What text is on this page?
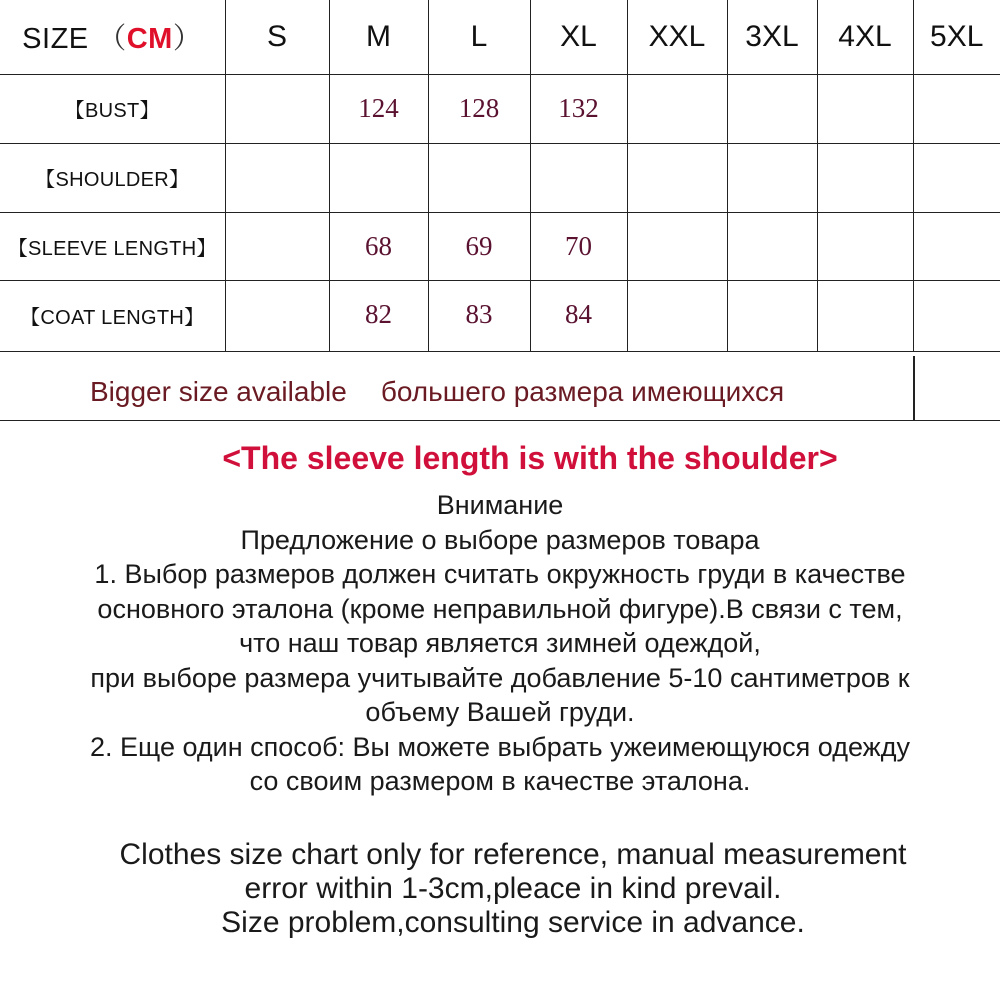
SIZE （CM）	S	M	L	XL	XXL	3XL	4XL	5XL
【BUST】		124	128	132				
【SHOULDER】								
【SLEEVE LENGTH】		68	69	70				
【COAT LENGTH】		82	83	84				
Bigger size available большего размера имеющихся
<The sleeve length is with the shoulder>
Внимание
Предложение о выборе размеров товара
1. Выбор размеров должен считать окружность груди в качестве
основного эталона (кроме неправильной фигуре).В связи с тем,
что наш товар является зимней одеждой,
при выборе размера учитывайте добавление 5-10 сантиметров к
объему Вашей груди.
2. Еще один способ: Вы можете выбрать ужеимеющуюся одежду
со своим размером в качестве эталона.
Clothes size chart only for reference, manual measurement
error within 1-3cm,pleace in kind prevail.
Size problem,consulting service in advance.
